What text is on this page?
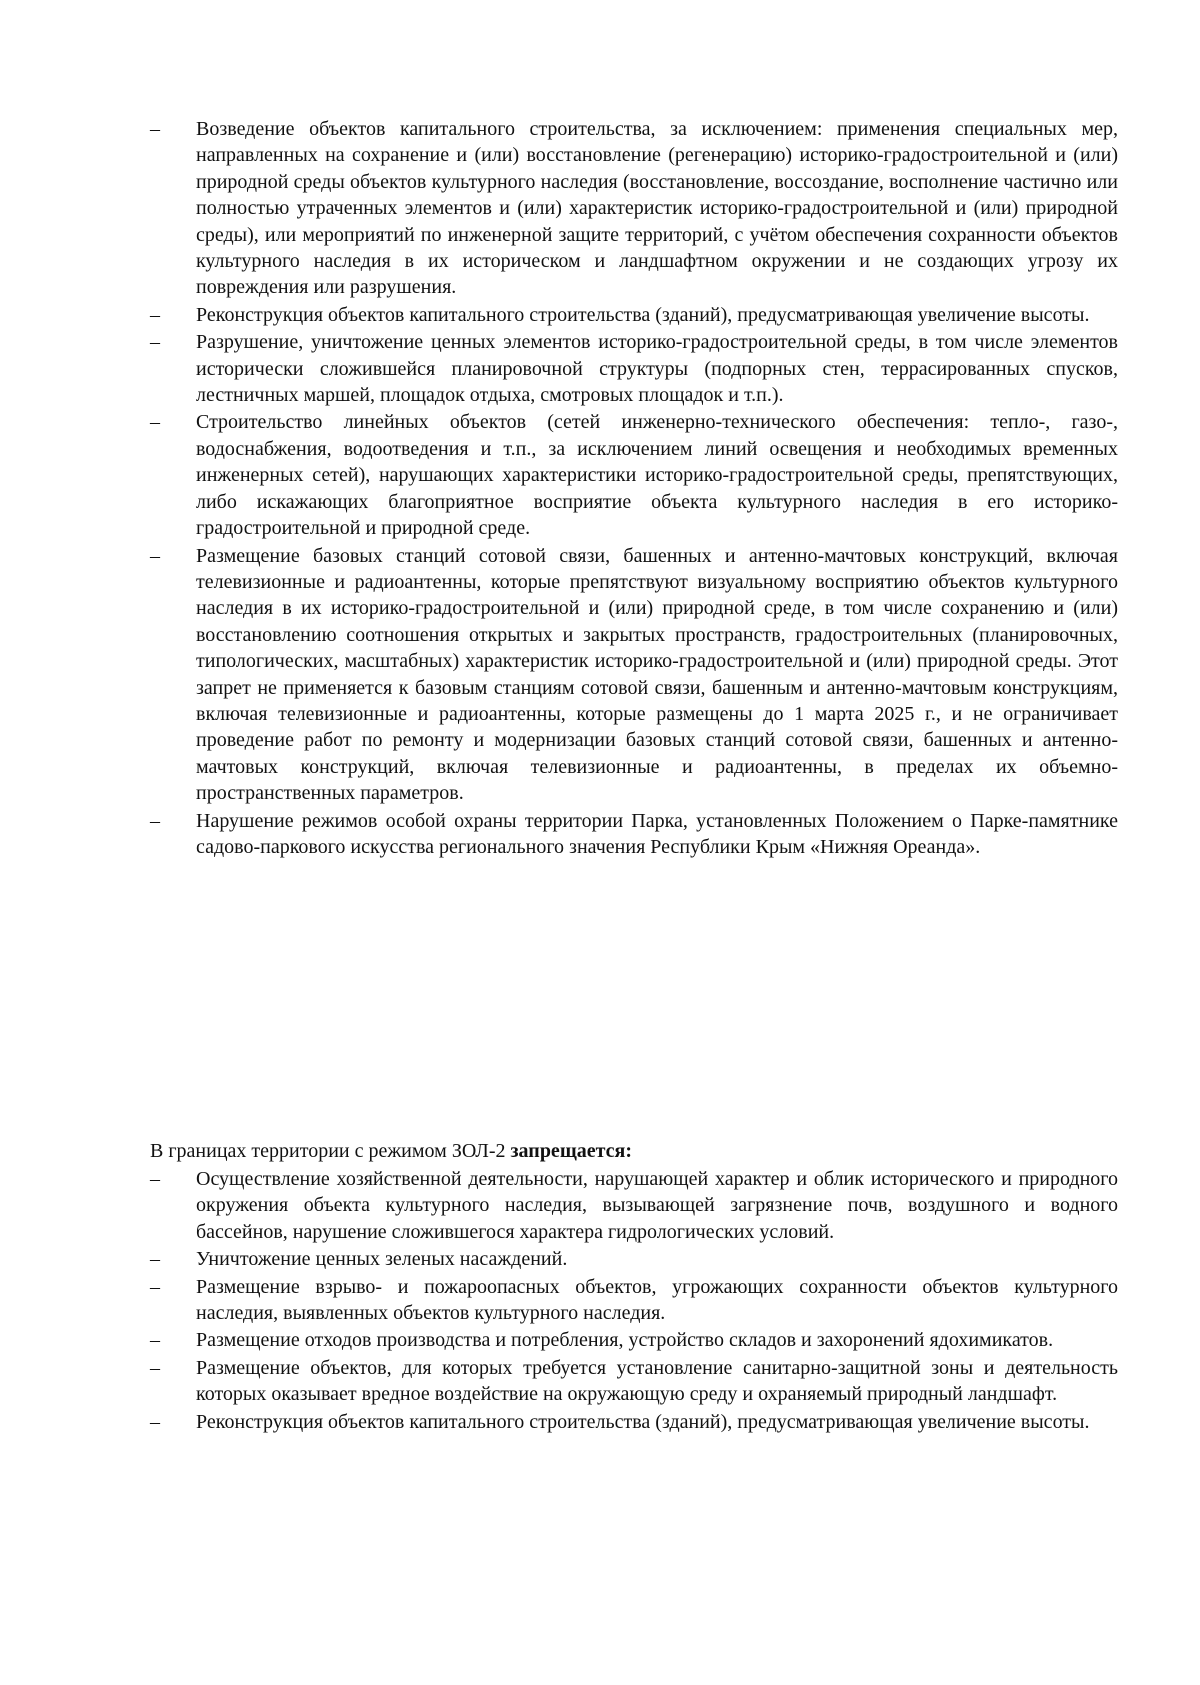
– Возведение объектов капитального строительства, за исключением: применения специальных мер, направленных на сохранение и (или) восстановление (регенерацию) историко-градостроительной и (или) природной среды объектов культурного наследия (восстановление, воссоздание, восполнение частично или полностью утраченных элементов и (или) характеристик историко-градостроительной и (или) природной среды), или мероприятий по инженерной защите территорий, с учётом обеспечения сохранности объектов культурного наследия в их историческом и ландшафтном окружении и не создающих угрозу их повреждения или разрушения.
– Реконструкция объектов капитального строительства (зданий), предусматривающая увеличение высоты.
– Разрушение, уничтожение ценных элементов историко-градостроительной среды, в том числе элементов исторически сложившейся планировочной структуры (подпорных стен, террасированных спусков, лестничных маршей, площадок отдыха, смотровых площадок и т.п.).
– Строительство линейных объектов (сетей инженерно-технического обеспечения: тепло-, газо-, водоснабжения, водоотведения и т.п., за исключением линий освещения и необходимых временных инженерных сетей), нарушающих характеристики историко-градостроительной среды, препятствующих, либо искажающих благоприятное восприятие объекта культурного наследия в его историко-градостроительной и природной среде.
– Размещение базовых станций сотовой связи, башенных и антенно-мачтовых конструкций, включая телевизионные и радиоантенны, которые препятствуют визуальному восприятию объектов культурного наследия в их историко-градостроительной и (или) природной среде, в том числе сохранению и (или) восстановлению соотношения открытых и закрытых пространств, градостроительных (планировочных, типологических, масштабных) характеристик историко-градостроительной и (или) природной среды. Этот запрет не применяется к базовым станциям сотовой связи, башенным и антенно-мачтовым конструкциям, включая телевизионные и радиоантенны, которые размещены до 1 марта 2025 г., и не ограничивает проведение работ по ремонту и модернизации базовых станций сотовой связи, башенных и антенно-мачтовых конструкций, включая телевизионные и радиоантенны, в пределах их объемно-пространственных параметров.
– Нарушение режимов особой охраны территории Парка, установленных Положением о Парке-памятнике садово-паркового искусства регионального значения Республики Крым «Нижняя Ореанда».
В границах территории с режимом ЗОЛ-2 запрещается:
– Осуществление хозяйственной деятельности, нарушающей характер и облик исторического и природного окружения объекта культурного наследия, вызывающей загрязнение почв, воздушного и водного бассейнов, нарушение сложившегося характера гидрологических условий.
– Уничтожение ценных зеленых насаждений.
– Размещение взрыво- и пожароопасных объектов, угрожающих сохранности объектов культурного наследия, выявленных объектов культурного наследия.
– Размещение отходов производства и потребления, устройство складов и захоронений ядохимикатов.
– Размещение объектов, для которых требуется установление санитарно-защитной зоны и деятельность которых оказывает вредное воздействие на окружающую среду и охраняемый природный ландшафт.
– Реконструкция объектов капитального строительства (зданий), предусматривающая увеличение высоты.
